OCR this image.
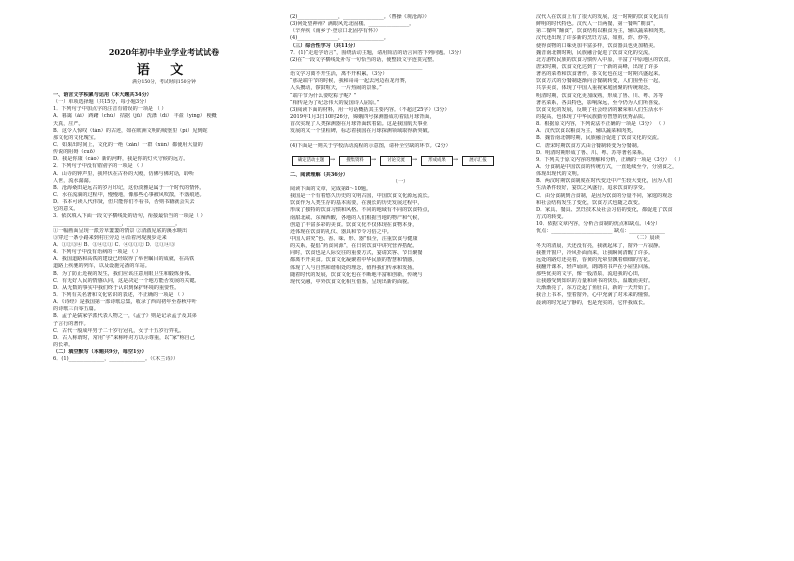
2020年初中毕业学业考试试卷
语 文
满分150分，考试时间150分钟
一、语言文字积累与运用（本大题共34分）
（一）单项选择题（共15分，每小题3分）
1．下列句子中加点字的注音有错误的一项是 （ ）
A．暮霭（ǎi） 踌躇（chú） 拮据（jū） 洗涤（dí） 丰盈（yíng） 梗概
天真，庄严。
B．这令人惊叹（tàn）的古迹，如在欧洲文明的城堡里（pí）见到蛇
那文化的文化瑰宝。
C．如果出时间上，文化的一绝（zǎn）一群（xún）都使用大量的
传说的阻碍（cuō）
D．我是你康（cáo）新的河畔，我是你的灯火守候的远方。
2．下列句子中没有错别字的一项是 （ ）
A．山寺的钟声里，我拜伏在古朴的大殿，仿佛与佛对话，聆听
人世，流水潺潺。
B．沧海桑田是远古的岁月印记，这份淡雅是属于一个时代的情怀。
C．水在流淌的过程中，慢慢地，像那些心事被风吹散，不落痕迹。
D．书本可读人代伟贤，但只能你们不看书，否则书籍就会失去
它的意义。
3．依次填入下面一段文字横线处的语句，衔接最恰当的一项是（ ）
___________________________，___________________。
①一幅画面呈现一派芳草萋萋的情景 ②清澈见底的溪水映出
③穿过一条小路来到村庄旁边 ④沿着河堤漫步走来
A．①②③④ B．③④②① C．④③①② D．②①④③
4．下列句子中没有语病的一项是 （ ）
A．我国道路和高铁的建设已经取得了举世瞩目的成就，在高铁
道路上疾驰的列车，以及设施完备的车站。
B．为了防止近视的发生，我们应该注意用眼卫生和锻炼身体。
C．有无好人民的情感认同，这是决定一个地方能否发展的关键。
D．从无数的事实中我们终于认识到保护环境的重要性。
5．下列有关名著和文化常识的表述，不正确的一项是 （ ）
A．《诗经》是我国第一部诗歌总集，收录了西周初年至春秋中叶
的诗歌三百零五篇。
B．孟子是儒家学派代表人物之一，《孟子》则是记录孟子及其弟
子言行的著作。
C．古代一般成年男子二十岁行冠礼，女子十五岁行笄礼。
D．古人称谓时，常用“字”来称呼对方以示尊重，以“家”称自己
的长辈。
（二）填空默写（本题共9分，每空1分）
6．(1)______________，______________。（《木兰诗》）
(2)________________，________________。（曹操《观沧海》）
(3)何处望神州？满眼风光北固楼。________________。
（辛弃疾《南乡子·登京口北固亭有怀》）
(4)________________，________________。
（三）综合性学习（共11分）
7．(1)“走进学语言”，围绕活动主题，请用简洁的语言回答下列问题。（3分）
(2)在“一段文字横线处补写一句恰当的话，使整段文字连贯完整。
____________________________________________________
语文学习离不开生活，离不开积累。（3分）
“那是端午节的时候，我和哥哥一起去河边看龙舟赛，
人头攒动，锣鼓喧天，一片热闹的景象。”
“端午节为什么要吃粽子呢？”
“相传是为了纪念伟大的爱国诗人屈原。”
(3)阅读下面的材料，用一句话概括其主要内容。（不超过25字）（3分）
2019年1月3日10时26分，嫦娥四号探测器成功着陆月球背面，
首次实现了人类探测器在月球背面软着陆。这是我国航天事业
发展的又一个里程碑，标志着我国在月球探测领域取得新突破。
____________________________________________________
(4)下面是一则关于学校活动流程的示意图，请补全空缺的环节。（2分）
确定活动主题 →	搜集资料	→	讨论交流	→	形成成果	→	展示汇报
二、阅读理解（共36分）
（一）
阅读下面的文章，完成第8～10题。
我国是一个有着悠久历史的文明古国，中国饮食文化源远流长。
饮食作为人类生存的基本需要，在漫长的历史发展过程中，
形成了独特的饮食习惯和风格。不同的地域有不同的饮食特点，
南甜北咸、东辣西酸，各地的人们根据当地的物产和气候，
创造了丰富多彩的美食。饮食文化不仅体现在食物本身，
还体现在饮食的礼仪、器具和节令习俗之中。
中国人讲究“色、香、味、形、器”俱全，注重饮食与健康
的关系，提倡“药食同源”，在日常饮食中讲究营养搭配。
同时，饮食也是人际交往的重要方式，宴请宾客、节日聚餐
都离不开美食。饮食文化凝聚着中华民族的智慧和情感，
体现了人与自然和谐相处的理念，值得我们传承和发扬。
随着时代的发展，饮食文化也在不断地丰富和创新，传统与
现代交融，中外饮食文化相互借鉴，呈现出新的面貌。
汉代人在饮食上有了很大的发展，这一时期的饮食文化具有
鲜明的时代特色。汉代人一日两餐，第一餐叫“朝食”，
第二餐叫“餔食”，饮食结构以粮食为主，辅以蔬菜和肉类。
汉代还出现了许多新的烹饪方法，如煎、炸、炒等，
使得食物的口味更加丰富多样，饮食器具也更加精美。
魏晋南北朝时期，民族融合促进了饮食文化的交流，
北方游牧民族的饮食习惯传入中原，丰富了中原地区的饮食。
唐宋时期，饮食文化达到了一个新的高峰，出现了许多
著名的菜肴和饮食著作，茶文化也在这一时期兴盛起来。
饮食方式的分餐制逐渐向合餐制转变，人们围坐在一起，
共享美食，体现了中国人重视家庭团聚的传统观念。
明清时期，饮食文化更加成熟，形成了鲁、川、粤、苏等
著名菜系，各具特色，影响深远，至今仍为人们所喜爱。
饮食文化的发展，反映了社会经济的繁荣和人们生活水平
的提高，也体现了中华民族勤劳智慧的优秀品质。
8．根据原文内容，下列说法不正确的一项是（3分） （ ）
A．汉代饮食以粮食为主，辅以蔬菜和肉类。
B．魏晋南北朝时期，民族融合促进了饮食文化的交流。
C．唐宋时期饮食方式由合餐制转变为分餐制。
D．明清时期形成了鲁、川、粤、苏等著名菜系。
9．下列关于原文内容的理解和分析，正确的一项是（3分） （ ）
A．分食制是中国饮食的传统方式，一直延续至今，分别食之，
体现出现代的文明。
B．两汉时期饮食制度在时代变迁中产生较大变化，因为人们
生活条件较好，宴饮之风盛行，追求饮食的享受。
C．由分食制到合食制，是因为饮食的分量不同，家庭的观念
和社会结构发生了变化，饮食方式也随之改变。
D．家具、餐具、烹饪技术及社会习俗的变化，都促进了饮食
方式的转变。
10．依据文章内容，分析合食制的优点和缺点。（4分）
优点：________________________ 缺点：______________
（二）晨读
冬天的清晨，天还没有亮，我就起床了，窗外一片寂静。
我推开窗户，冷风扑面而来，让我瞬间清醒了许多。
远处的路灯还亮着，昏黄的光晕里飘着细细的雪花。
我翻开课本，轻声诵读，朗朗的书声在小屋里回荡。
那些优美的文字，像一股清泉，流进我的心田，
让我感受到知识的力量和读书的快乐，温暖而美好。
天渐渐亮了，东方泛起了鱼肚白，新的一天开始了。
我合上书本，望着窗外，心中充满了对未来的憧憬。
晨读的时光是宁静的，也是充实的，它伴我成长。
